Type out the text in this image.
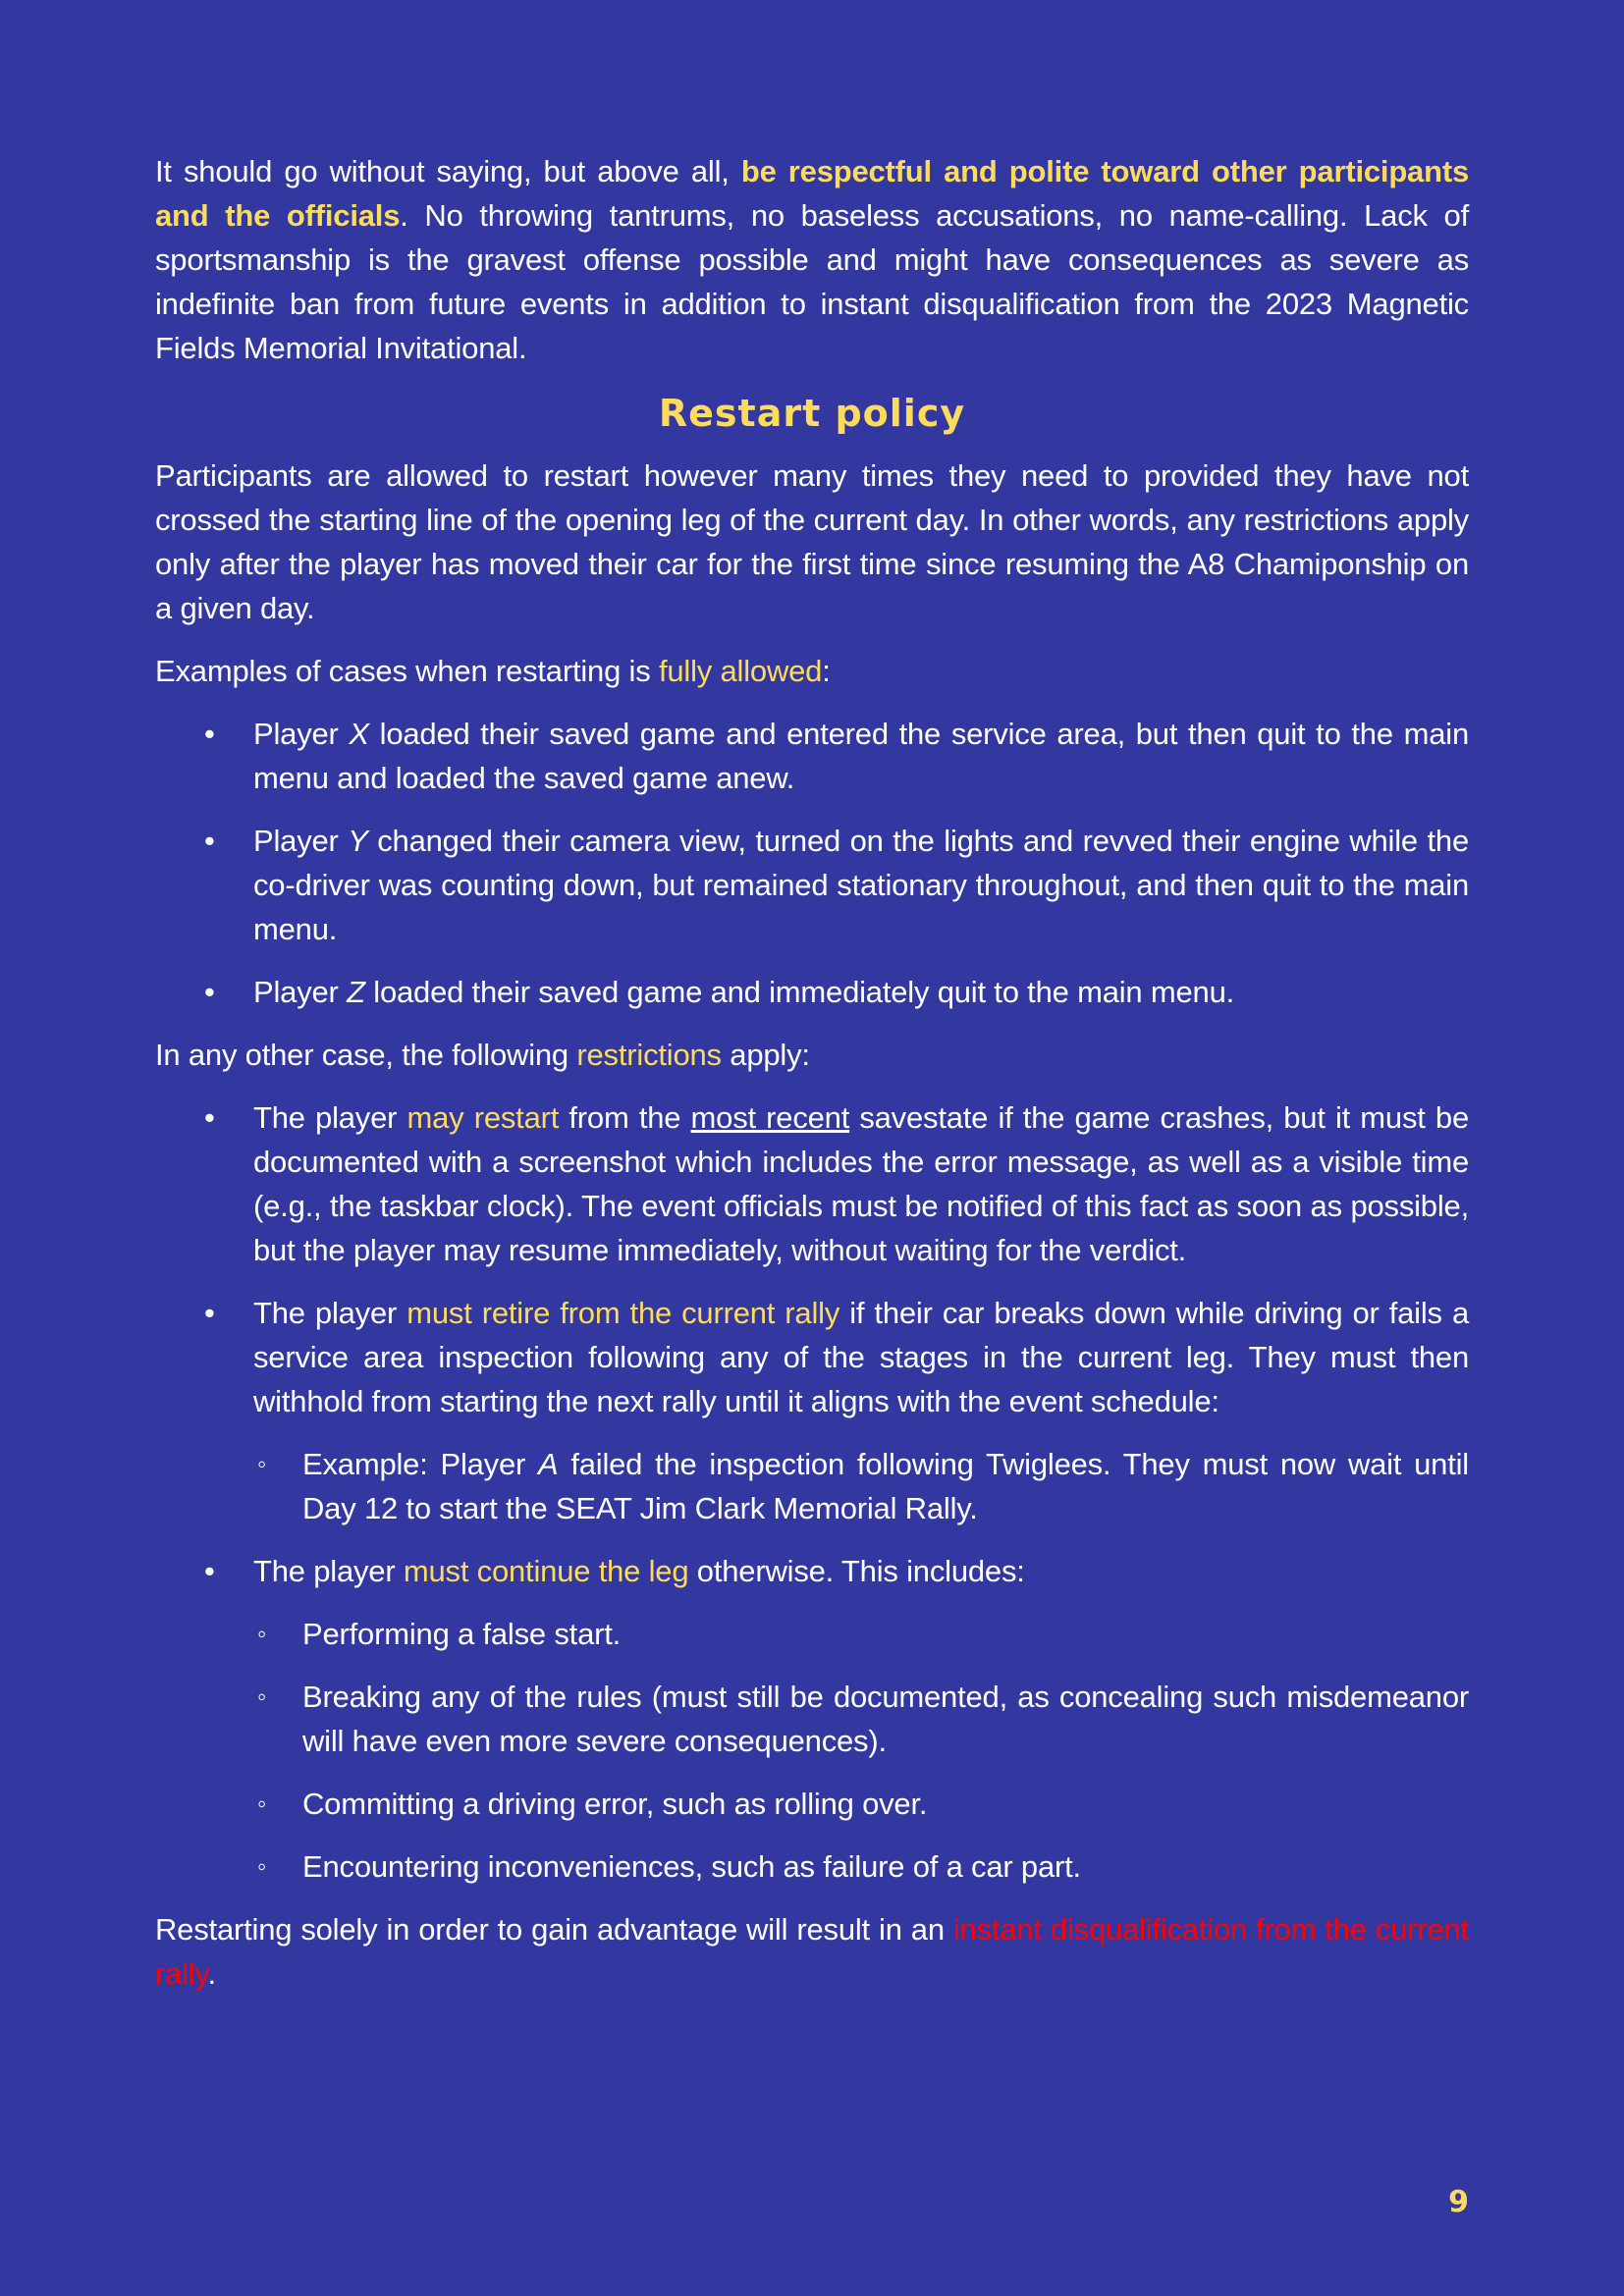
It should go without saying, but above all, be respectful and polite toward other participants and the officials. No throwing tantrums, no baseless accusations, no name-calling. Lack of sportsmanship is the gravest offense possible and might have consequences as severe as indefinite ban from future events in addition to instant disqualification from the 2023 Magnetic Fields Memorial Invitational.

Restart policy

Participants are allowed to restart however many times they need to provided they have not crossed the starting line of the opening leg of the current day. In other words, any restrictions apply only after the player has moved their car for the first time since resuming the A8 Chamiponship on a given day.

Examples of cases when restarting is fully allowed:

• Player X loaded their saved game and entered the service area, but then quit to the main menu and loaded the saved game anew.
• Player Y changed their camera view, turned on the lights and revved their engine while the co-driver was counting down, but remained stationary throughout, and then quit to the main menu.
• Player Z loaded their saved game and immediately quit to the main menu.

In any other case, the following restrictions apply:

• The player may restart from the most recent savestate if the game crashes, but it must be documented with a screenshot which includes the error message, as well as a visible time (e.g., the taskbar clock). The event officials must be notified of this fact as soon as possible, but the player may resume immediately, without waiting for the verdict.
• The player must retire from the current rally if their car breaks down while driving or fails a service area inspection following any of the stages in the current leg. They must then withhold from starting the next rally until it aligns with the event schedule:
◦ Example: Player A failed the inspection following Twiglees. They must now wait until Day 12 to start the SEAT Jim Clark Memorial Rally.
• The player must continue the leg otherwise. This includes:
◦ Performing a false start.
◦ Breaking any of the rules (must still be documented, as concealing such misdemeanor will have even more severe consequences).
◦ Committing a driving error, such as rolling over.
◦ Encountering inconveniences, such as failure of a car part.

Restarting solely in order to gain advantage will result in an instant disqualification from the current rally.

9
